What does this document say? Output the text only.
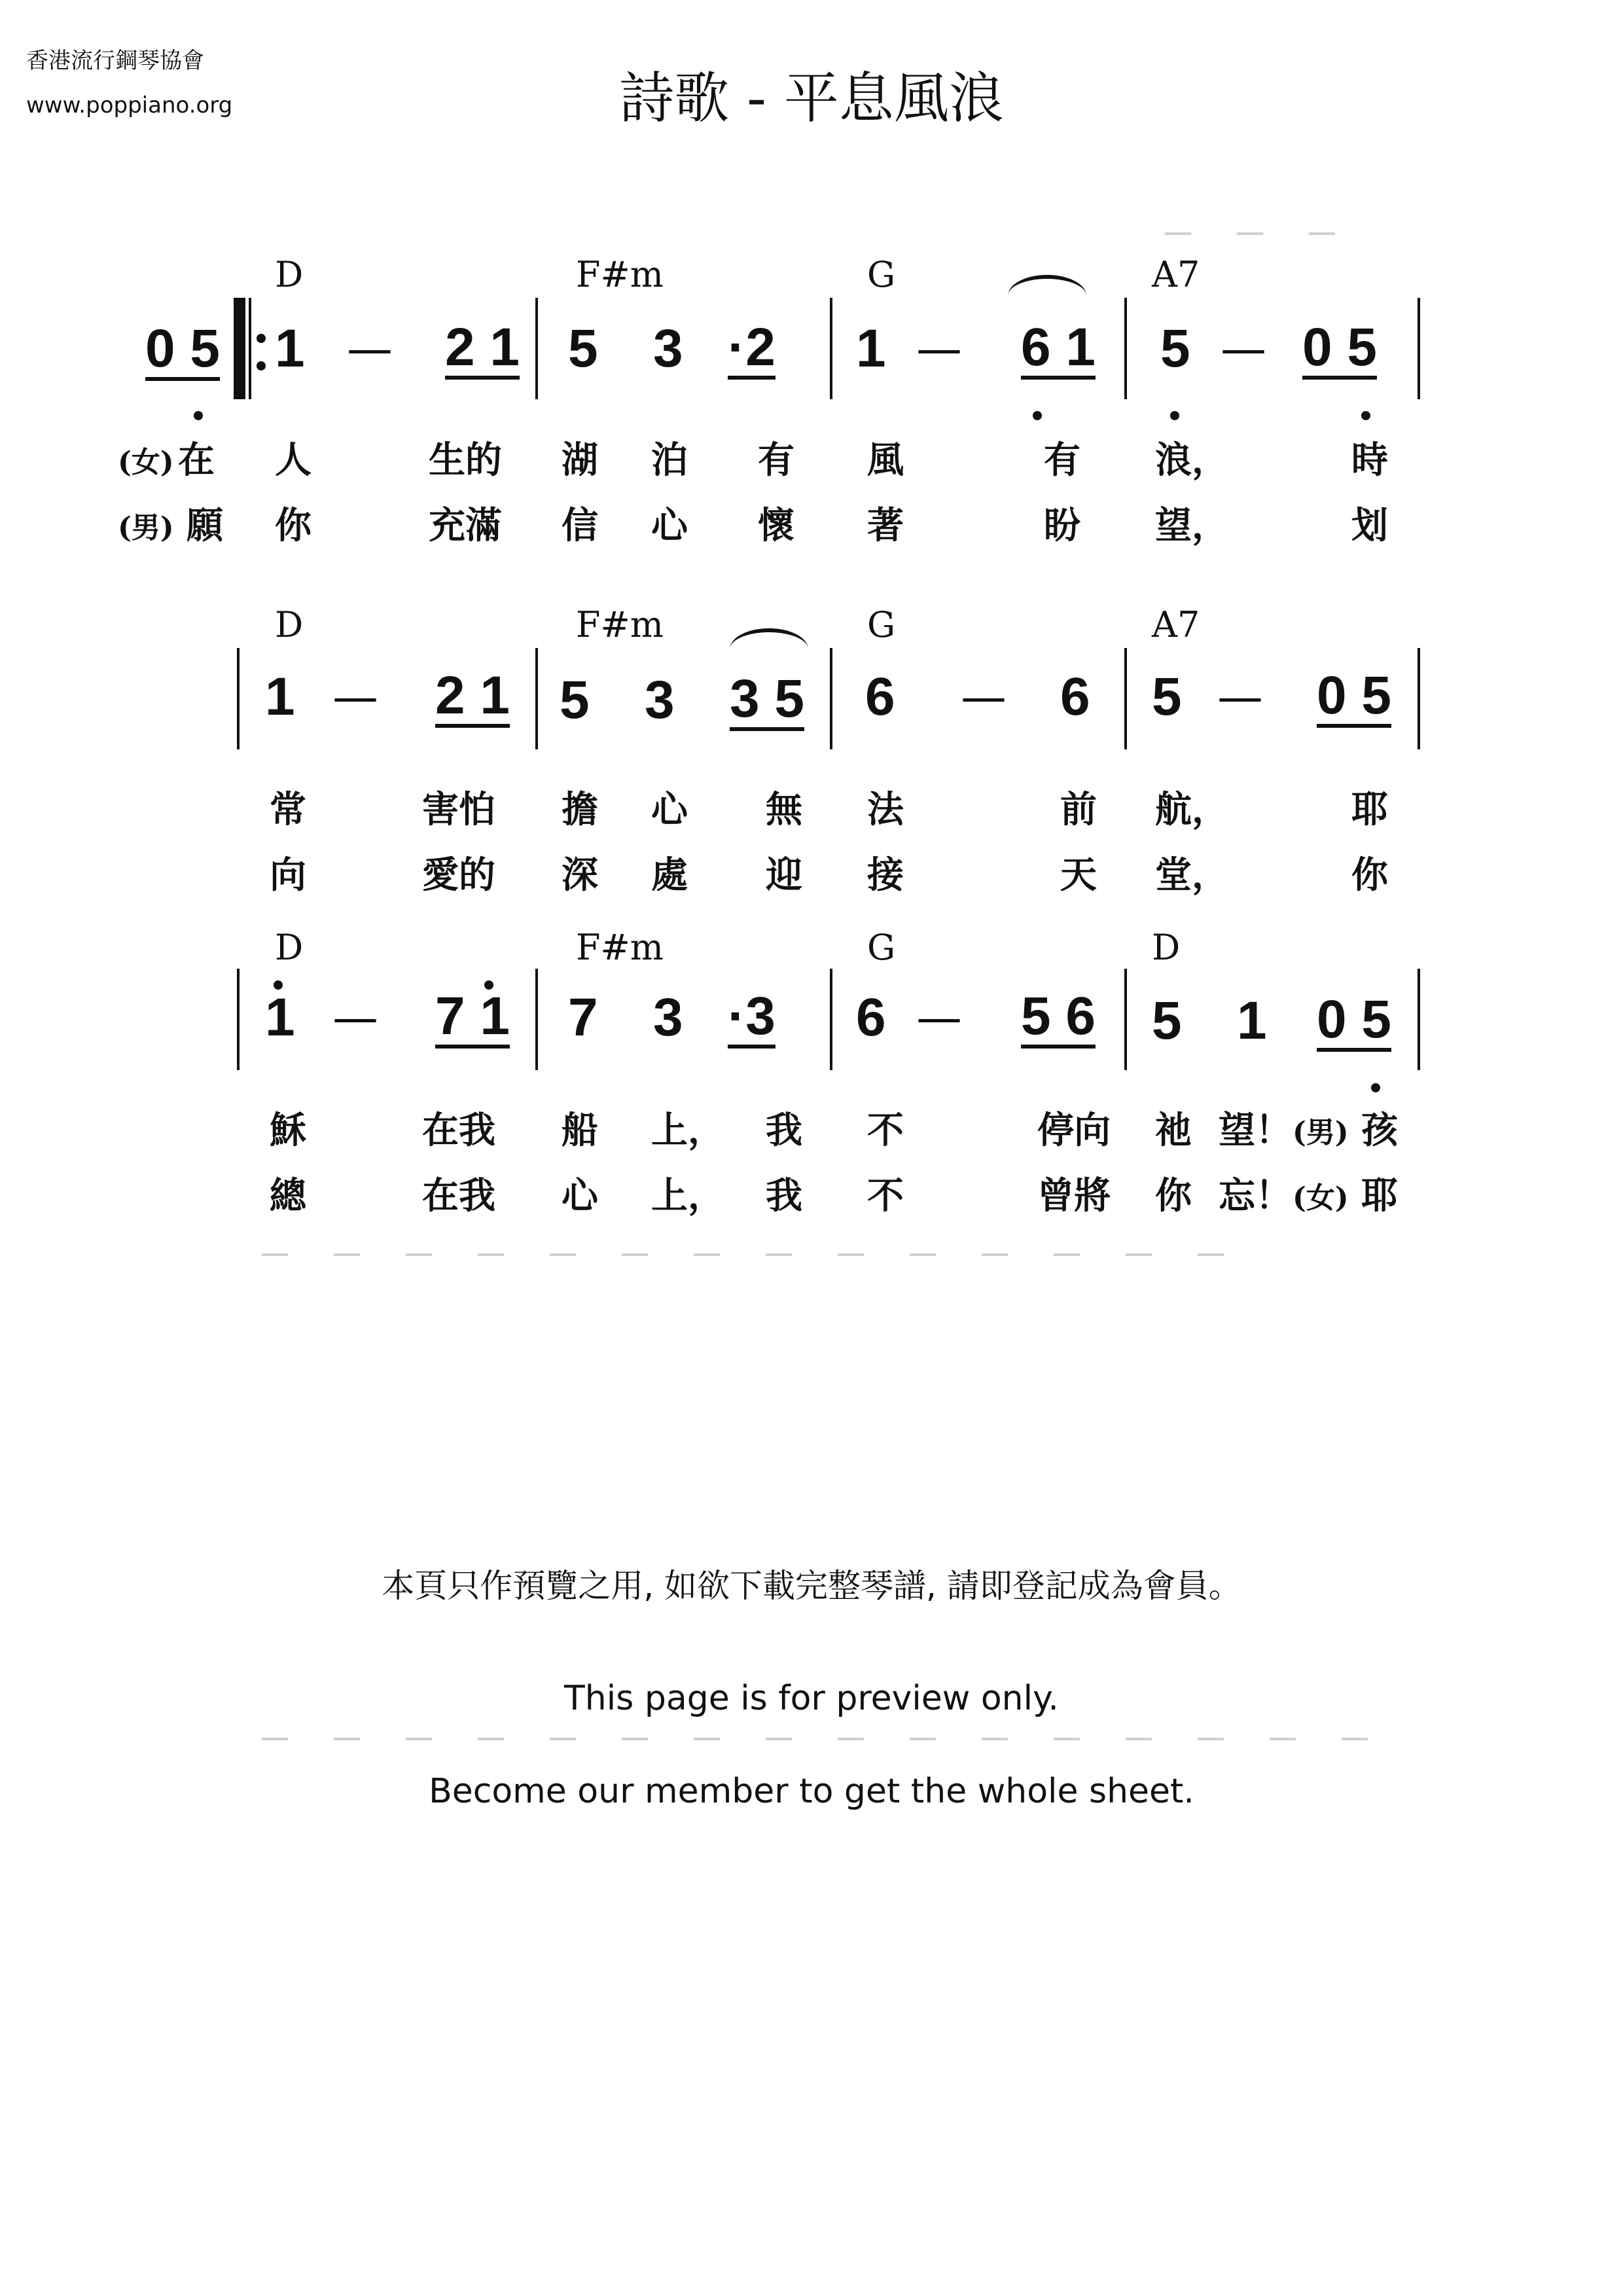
香港流行鋼琴協會
www.poppiano.org	詩歌 - 平息風浪
D	F#m	G	A7
0 5 1 — 2 1 5 3 ·2 1 — 6 1 5 — 0 5
(女) 在 人	生的 湖 泊 有 風	有 浪，	時
(男) 願 你	充滿 信 心 懷 著	盼 望，	划
D	F#m	G	A7
1 — 2 1 5 3 3 5 6 — 6 5 — 0 5
常	害怕 擔 心 無 法	前 航，	耶
向	愛的 深 處 迎 接	天 堂，	你
D	F#m	G	D
1 — 7 1 7 3 ·3 6 — 5 6 5 1 0 5
穌	在我 船 上， 我 不	停向 祂 望！ (男) 孩
總	在我 心 上， 我 不	曾將 你 忘！ (女) 耶
本頁只作預覽之用, 如欲下載完整琴譜, 請即登記成為會員。
This page is for preview only.
Become our member to get the whole sheet.
